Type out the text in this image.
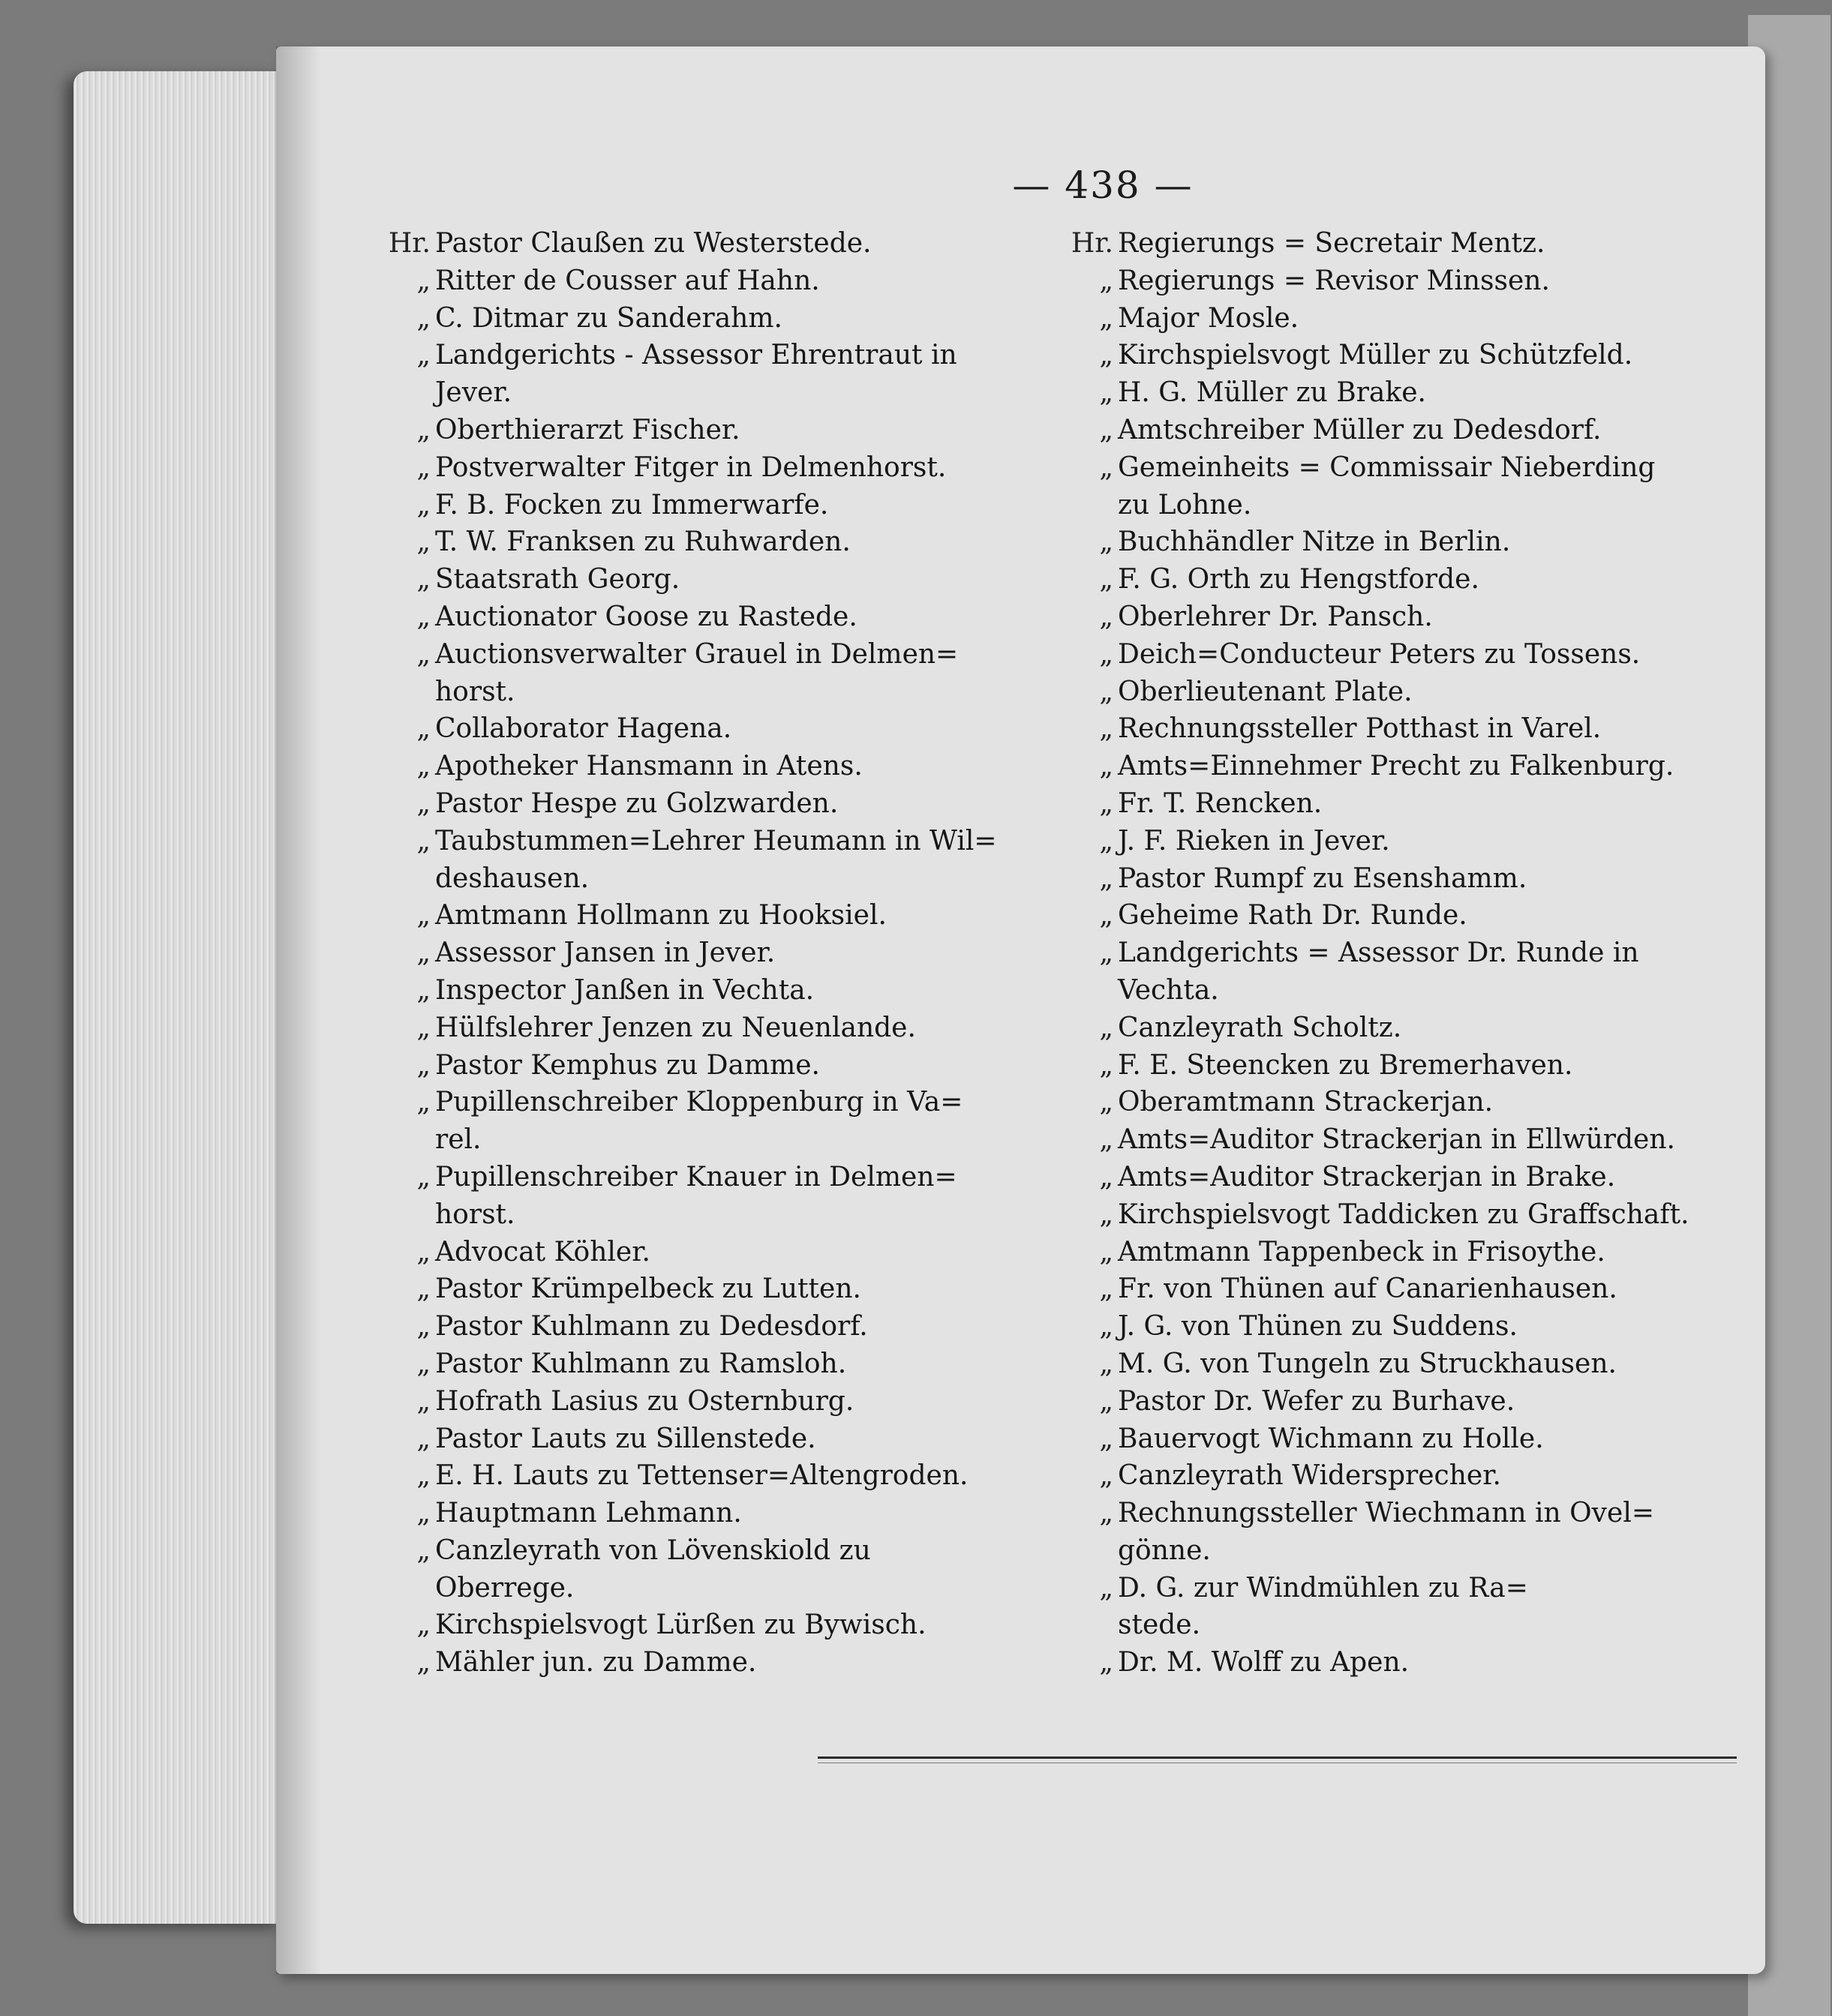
— 438 —
Hr. Pastor Claußen zu Westerstede.
„ Ritter de Cousser auf Hahn.
„ C. Ditmar zu Sanderahm.
„ Landgerichts - Assessor Ehrentraut in
Jever.
„ Oberthierarzt Fischer.
„ Postverwalter Fitger in Delmenhorst.
„ F. B. Focken zu Immerwarfe.
„ T. W. Franksen zu Ruhwarden.
„ Staatsrath Georg.
„ Auctionator Goose zu Rastede.
„ Auctionsverwalter Grauel in Delmen=
horst.
„ Collaborator Hagena.
„ Apotheker Hansmann in Atens.
„ Pastor Hespe zu Golzwarden.
„ Taubstummen=Lehrer Heumann in Wil=
deshausen.
„ Amtmann Hollmann zu Hooksiel.
„ Assessor Jansen in Jever.
„ Inspector Janßen in Vechta.
„ Hülfslehrer Jenzen zu Neuenlande.
„ Pastor Kemphus zu Damme.
„ Pupillenschreiber Kloppenburg in Va=
rel.
„ Pupillenschreiber Knauer in Delmen=
horst.
„ Advocat Köhler.
„ Pastor Krümpelbeck zu Lutten.
„ Pastor Kuhlmann zu Dedesdorf.
„ Pastor Kuhlmann zu Ramsloh.
„ Hofrath Lasius zu Osternburg.
„ Pastor Lauts zu Sillenstede.
„ E. H. Lauts zu Tettenser=Altengroden.
„ Hauptmann Lehmann.
„ Canzleyrath von Lövenskiold zu
Oberrege.
„ Kirchspielsvogt Lürßen zu Bywisch.
„ Mähler jun. zu Damme.
Hr. Regierungs = Secretair Mentz.
„ Regierungs = Revisor Minssen.
„ Major Mosle.
„ Kirchspielsvogt Müller zu Schützfeld.
„ H. G. Müller zu Brake.
„ Amtschreiber Müller zu Dedesdorf.
„ Gemeinheits = Commissair Nieberding
zu Lohne.
„ Buchhändler Nitze in Berlin.
„ F. G. Orth zu Hengstforde.
„ Oberlehrer Dr. Pansch.
„ Deich=Conducteur Peters zu Tossens.
„ Oberlieutenant Plate.
„ Rechnungssteller Potthast in Varel.
„ Amts=Einnehmer Precht zu Falkenburg.
„ Fr. T. Rencken.
„ J. F. Rieken in Jever.
„ Pastor Rumpf zu Esenshamm.
„ Geheime Rath Dr. Runde.
„ Landgerichts = Assessor Dr. Runde in
Vechta.
„ Canzleyrath Scholtz.
„ F. E. Steencken zu Bremerhaven.
„ Oberamtmann Strackerjan.
„ Amts=Auditor Strackerjan in Ellwürden.
„ Amts=Auditor Strackerjan in Brake.
„ Kirchspielsvogt Taddicken zu Graffschaft.
„ Amtmann Tappenbeck in Frisoythe.
„ Fr. von Thünen auf Canarienhausen.
„ J. G. von Thünen zu Suddens.
„ M. G. von Tungeln zu Struckhausen.
„ Pastor Dr. Wefer zu Burhave.
„ Bauervogt Wichmann zu Holle.
„ Canzleyrath Widersprecher.
„ Rechnungssteller Wiechmann in Ovel=
gönne.
„ D. G. zur Windmühlen zu Ra=
stede.
„ Dr. M. Wolff zu Apen.
